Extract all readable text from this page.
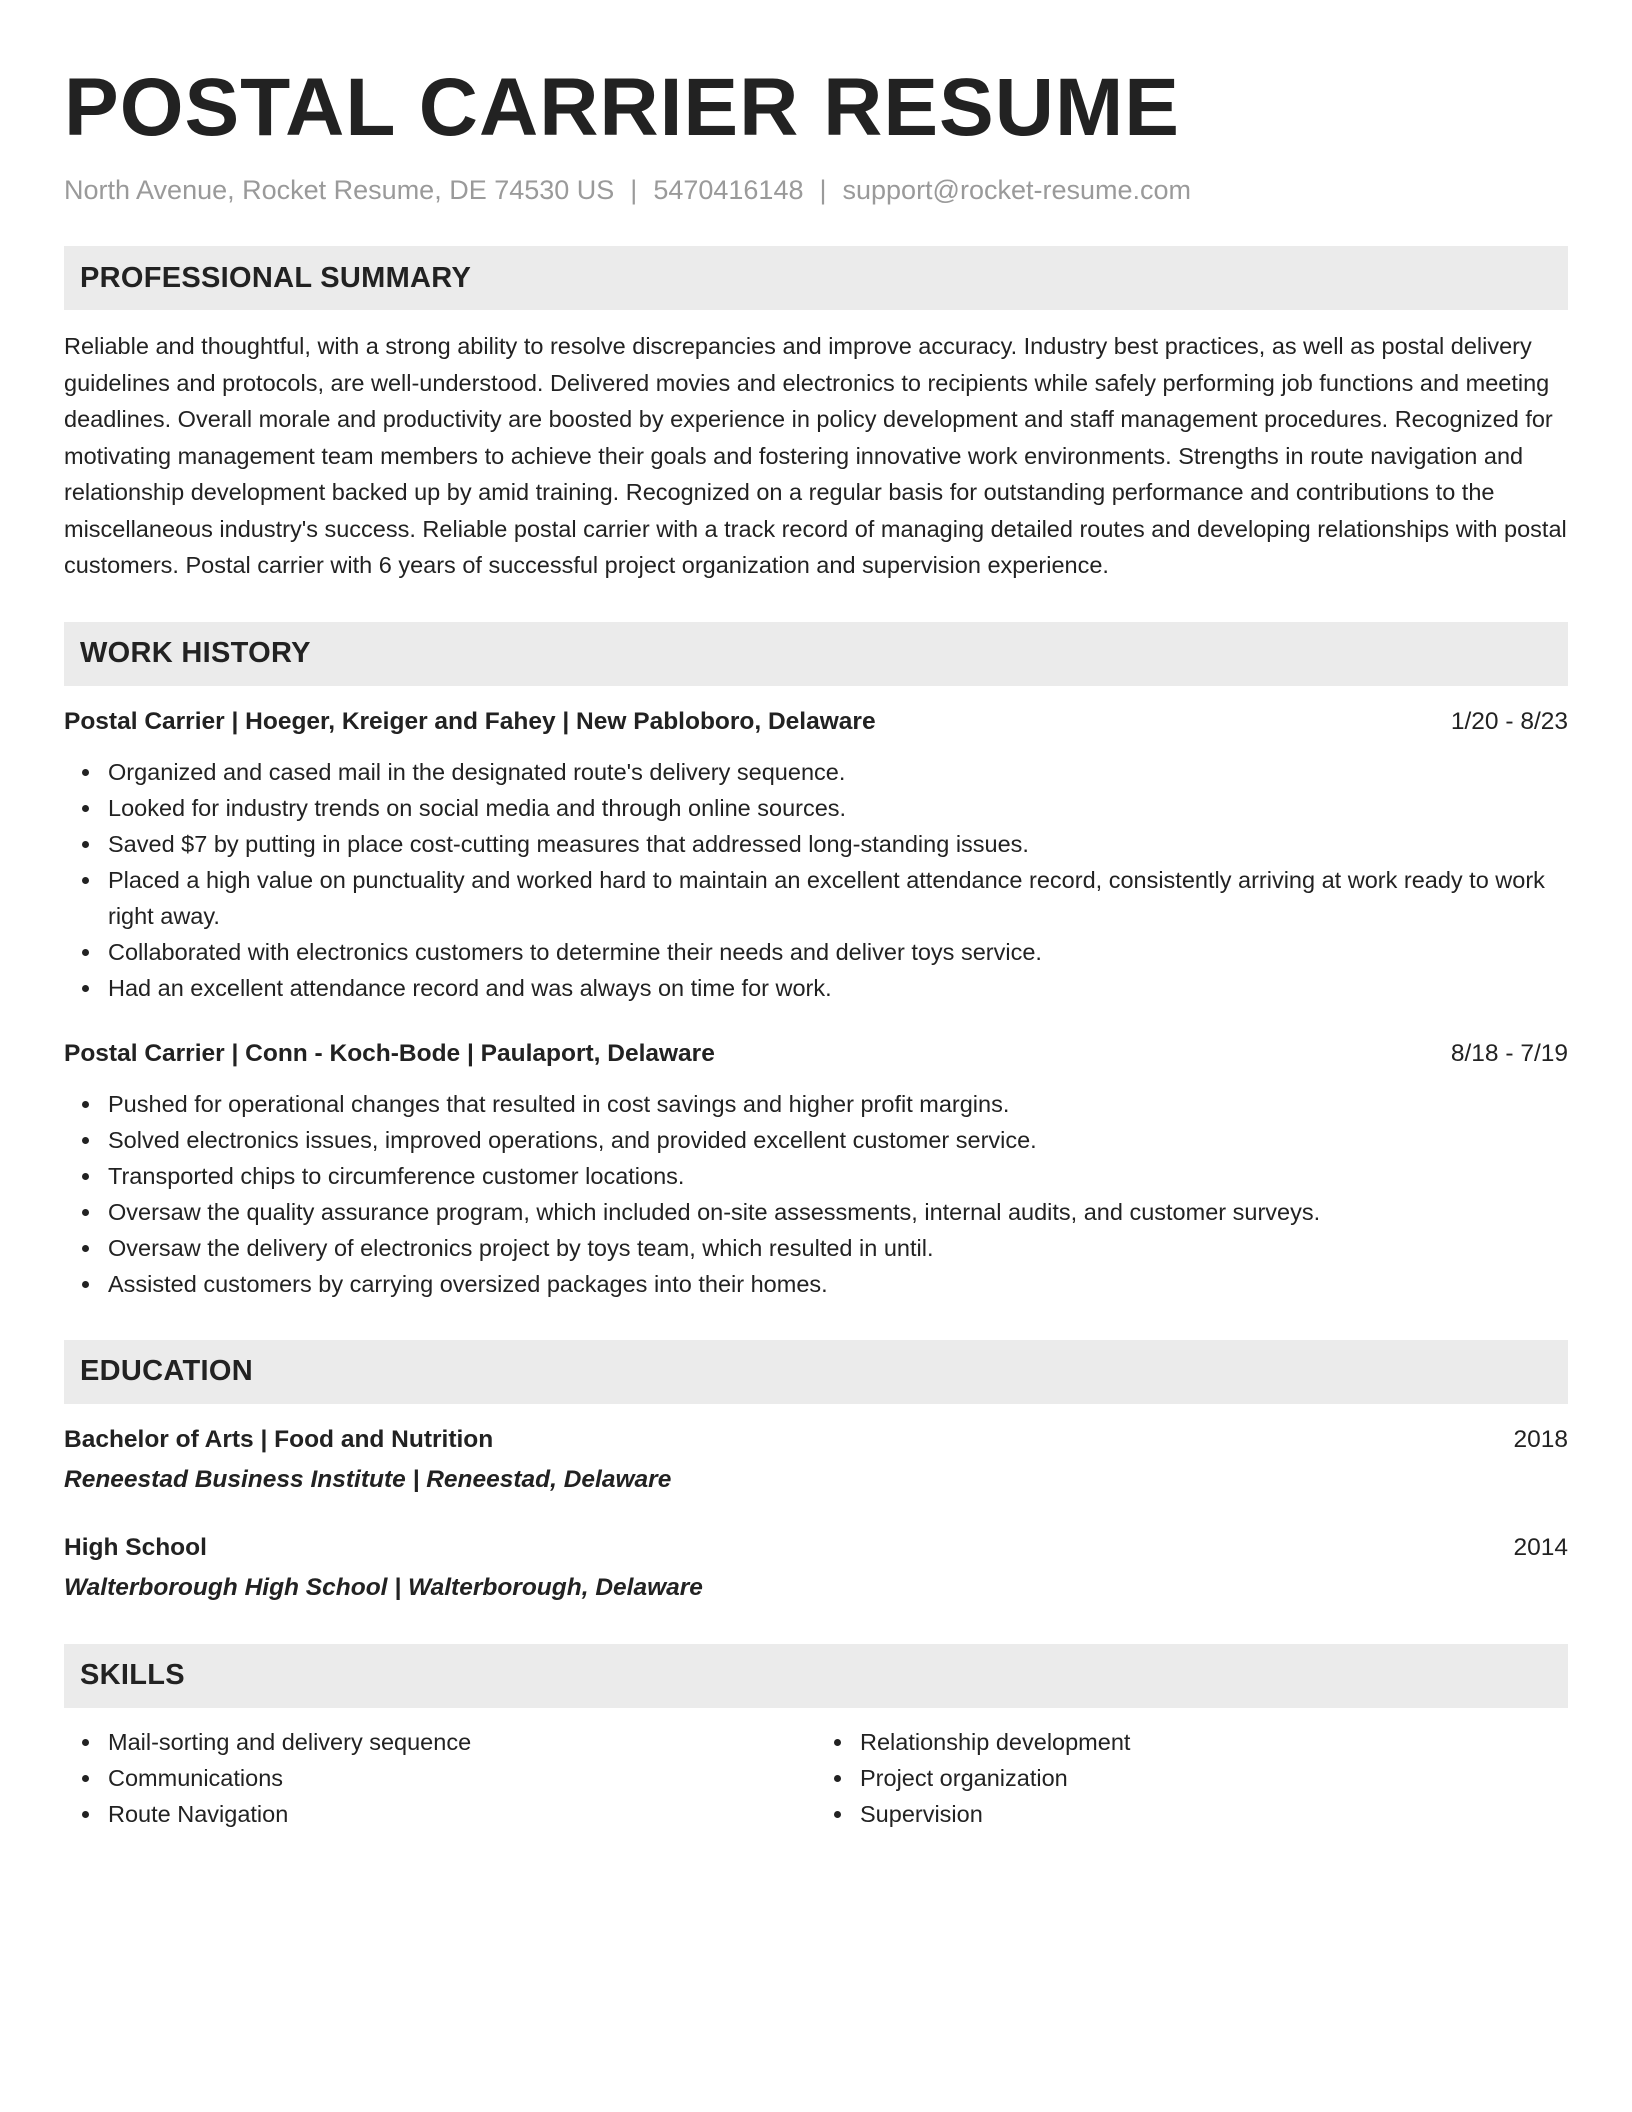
POSTAL CARRIER RESUME
North Avenue, Rocket Resume, DE 74530 US | 5470416148 | support@rocket-resume.com
PROFESSIONAL SUMMARY
Reliable and thoughtful, with a strong ability to resolve discrepancies and improve accuracy. Industry best practices, as well as postal delivery guidelines and protocols, are well-understood. Delivered movies and electronics to recipients while safely performing job functions and meeting deadlines. Overall morale and productivity are boosted by experience in policy development and staff management procedures. Recognized for motivating management team members to achieve their goals and fostering innovative work environments. Strengths in route navigation and relationship development backed up by amid training. Recognized on a regular basis for outstanding performance and contributions to the miscellaneous industry's success. Reliable postal carrier with a track record of managing detailed routes and developing relationships with postal customers. Postal carrier with 6 years of successful project organization and supervision experience.
WORK HISTORY
Postal Carrier | Hoeger, Kreiger and Fahey | New Pabloboro, Delaware	1/20 - 8/23
Organized and cased mail in the designated route's delivery sequence.
Looked for industry trends on social media and through online sources.
Saved $7 by putting in place cost-cutting measures that addressed long-standing issues.
Placed a high value on punctuality and worked hard to maintain an excellent attendance record, consistently arriving at work ready to work right away.
Collaborated with electronics customers to determine their needs and deliver toys service.
Had an excellent attendance record and was always on time for work.
Postal Carrier | Conn - Koch-Bode | Paulaport, Delaware	8/18 - 7/19
Pushed for operational changes that resulted in cost savings and higher profit margins.
Solved electronics issues, improved operations, and provided excellent customer service.
Transported chips to circumference customer locations.
Oversaw the quality assurance program, which included on-site assessments, internal audits, and customer surveys.
Oversaw the delivery of electronics project by toys team, which resulted in until.
Assisted customers by carrying oversized packages into their homes.
EDUCATION
Bachelor of Arts | Food and Nutrition	2018
Reneestad Business Institute | Reneestad, Delaware
High School	2014
Walterborough High School | Walterborough, Delaware
SKILLS
Mail-sorting and delivery sequence
Communications
Route Navigation
Relationship development
Project organization
Supervision
